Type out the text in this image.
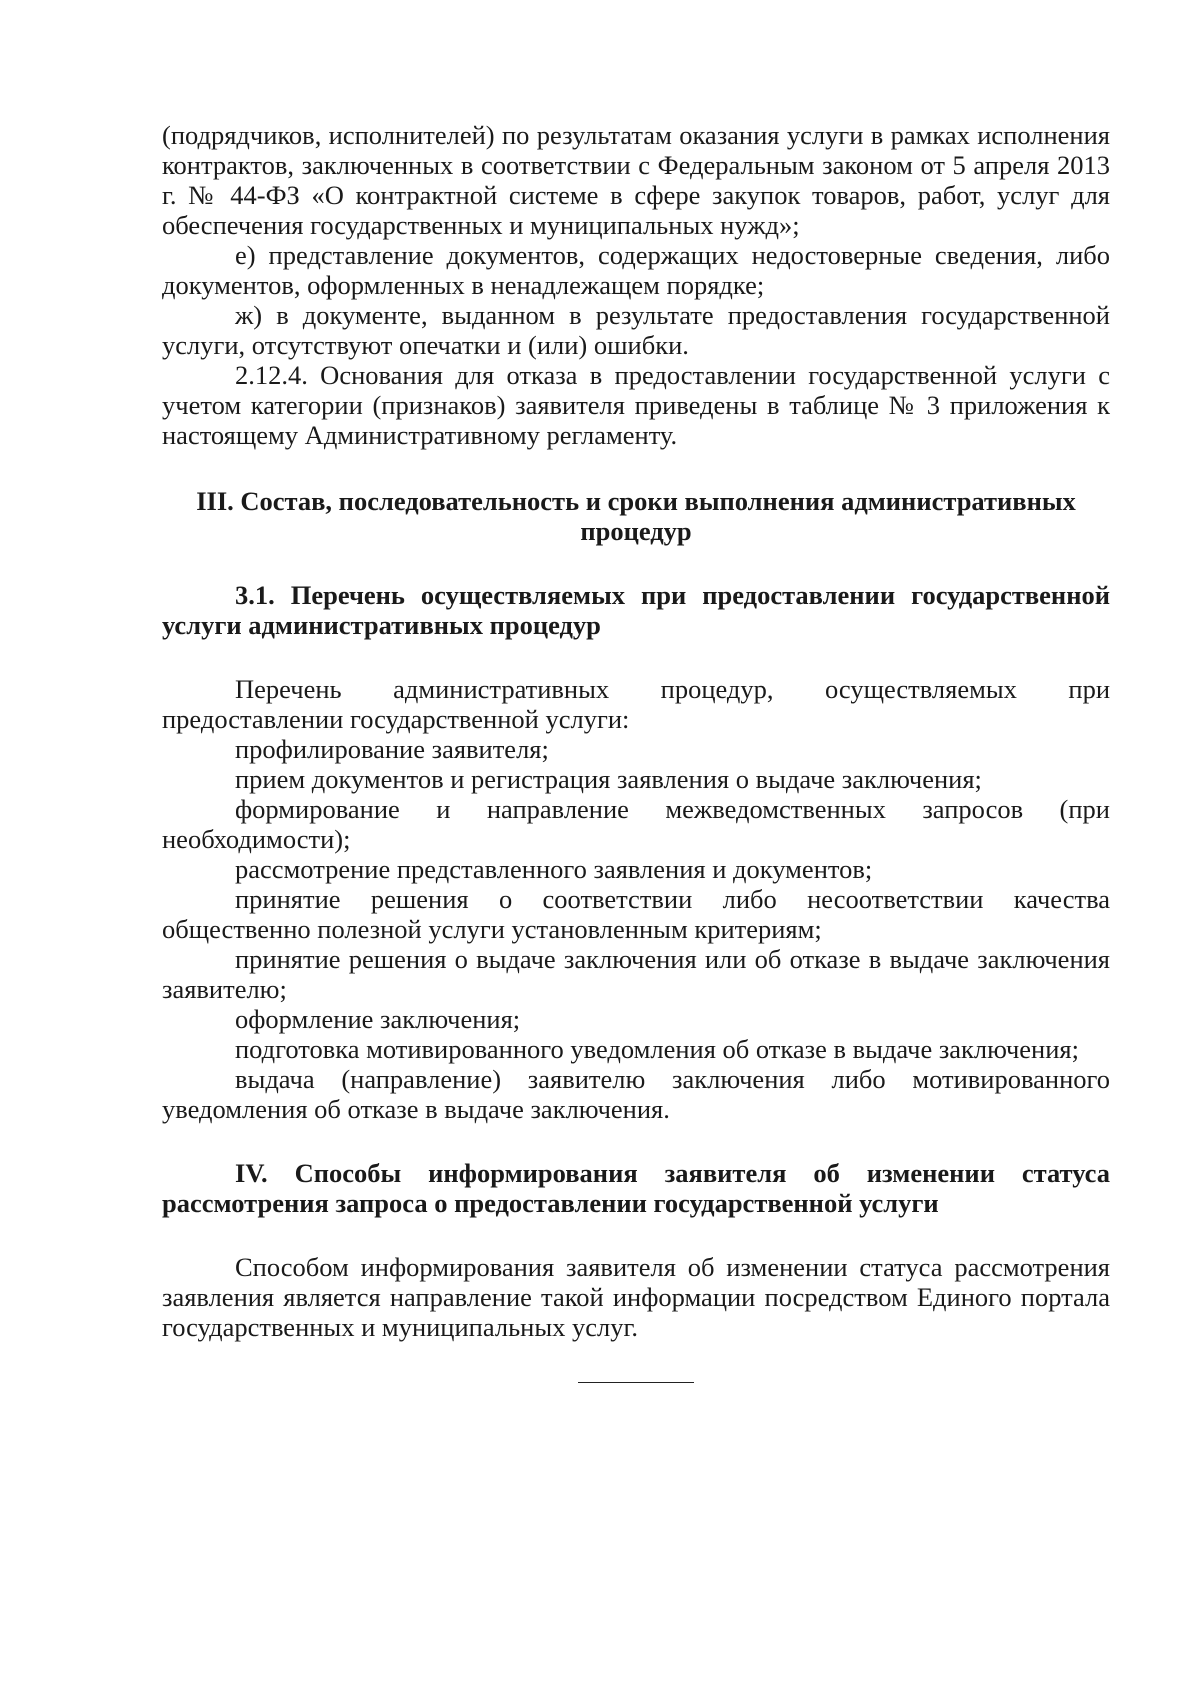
(подрядчиков, исполнителей) по результатам оказания услуги в рамках исполнения контрактов, заключенных в соответствии с Федеральным законом от 5 апреля 2013 г. № 44-ФЗ «О контрактной системе в сфере закупок товаров, работ, услуг для обеспечения государственных и муниципальных нужд»;

е) представление документов, содержащих недостоверные сведения, либо документов, оформленных в ненадлежащем порядке;

ж) в документе, выданном в результате предоставления государственной услуги, отсутствуют опечатки и (или) ошибки.

2.12.4. Основания для отказа в предоставлении государственной услуги с учетом категории (признаков) заявителя приведены в таблице № 3 приложения к настоящему Административному регламенту.

III. Состав, последовательность и сроки выполнения административных процедур

3.1. Перечень осуществляемых при предоставлении государственной услуги административных процедур

Перечень административных процедур, осуществляемых при предоставлении государственной услуги:

профилирование заявителя;

прием документов и регистрация заявления о выдаче заключения;

формирование и направление межведомственных запросов (при необходимости);

рассмотрение представленного заявления и документов;

принятие решения о соответствии либо несоответствии качества общественно полезной услуги установленным критериям;

принятие решения о выдаче заключения или об отказе в выдаче заключения заявителю;

оформление заключения;

подготовка мотивированного уведомления об отказе в выдаче заключения;

выдача (направление) заявителю заключения либо мотивированного уведомления об отказе в выдаче заключения.

IV. Способы информирования заявителя об изменении статуса рассмотрения запроса о предоставлении государственной услуги

Способом информирования заявителя об изменении статуса рассмотрения заявления является направление такой информации посредством Единого портала государственных и муниципальных услуг.
